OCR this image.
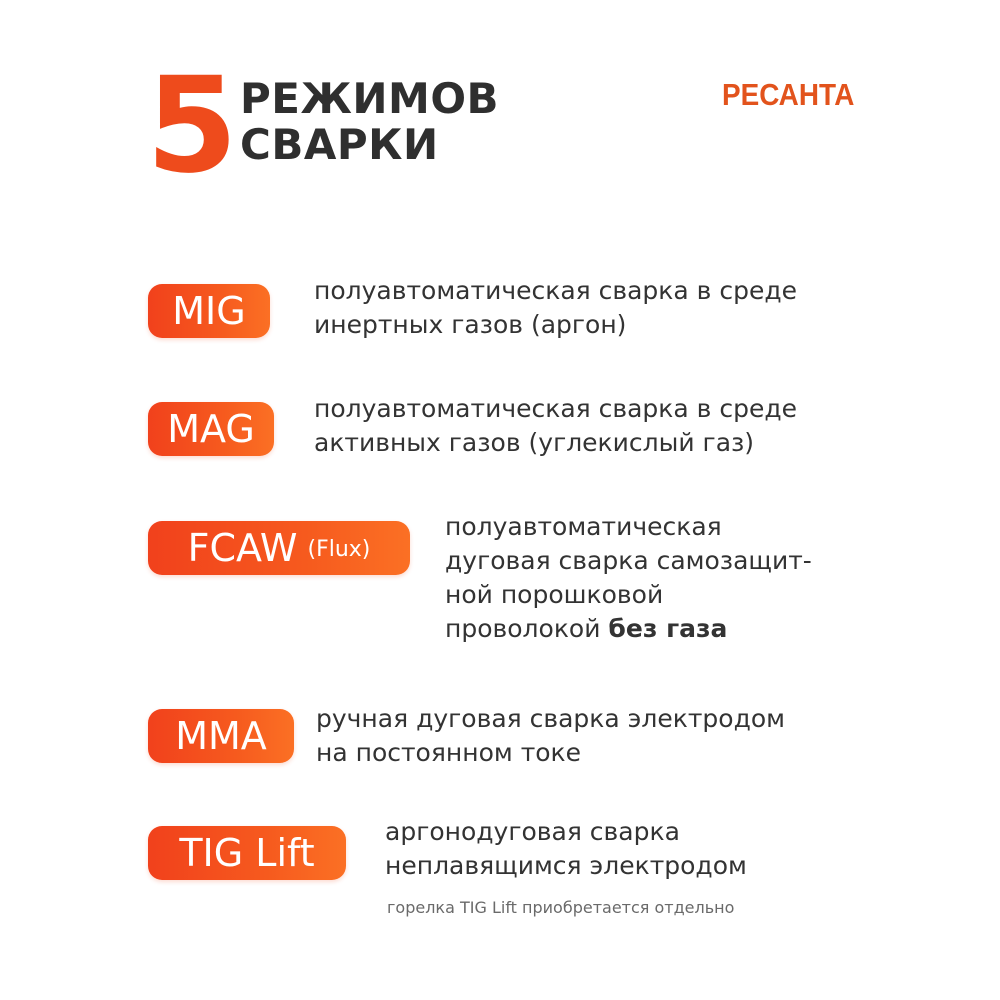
5 РЕЖИМОВ
СВАРКИ
РЕСАНТА
MIG	полуавтоматическая сварка в среде
инертных газов (аргон)
MAG полуавтоматическая сварка в среде
активных газов (углекислый газ)
FCAW (Flux)
полуавтоматическая
дуговая сварка самозащит-
ной порошковой
проволокой без газа
MMA ручная дуговая сварка электродом
на постоянном токе
TIG Lift	аргонодуговая сварка
неплавящимся электродом
горелка TIG Lift приобретается отдельно
